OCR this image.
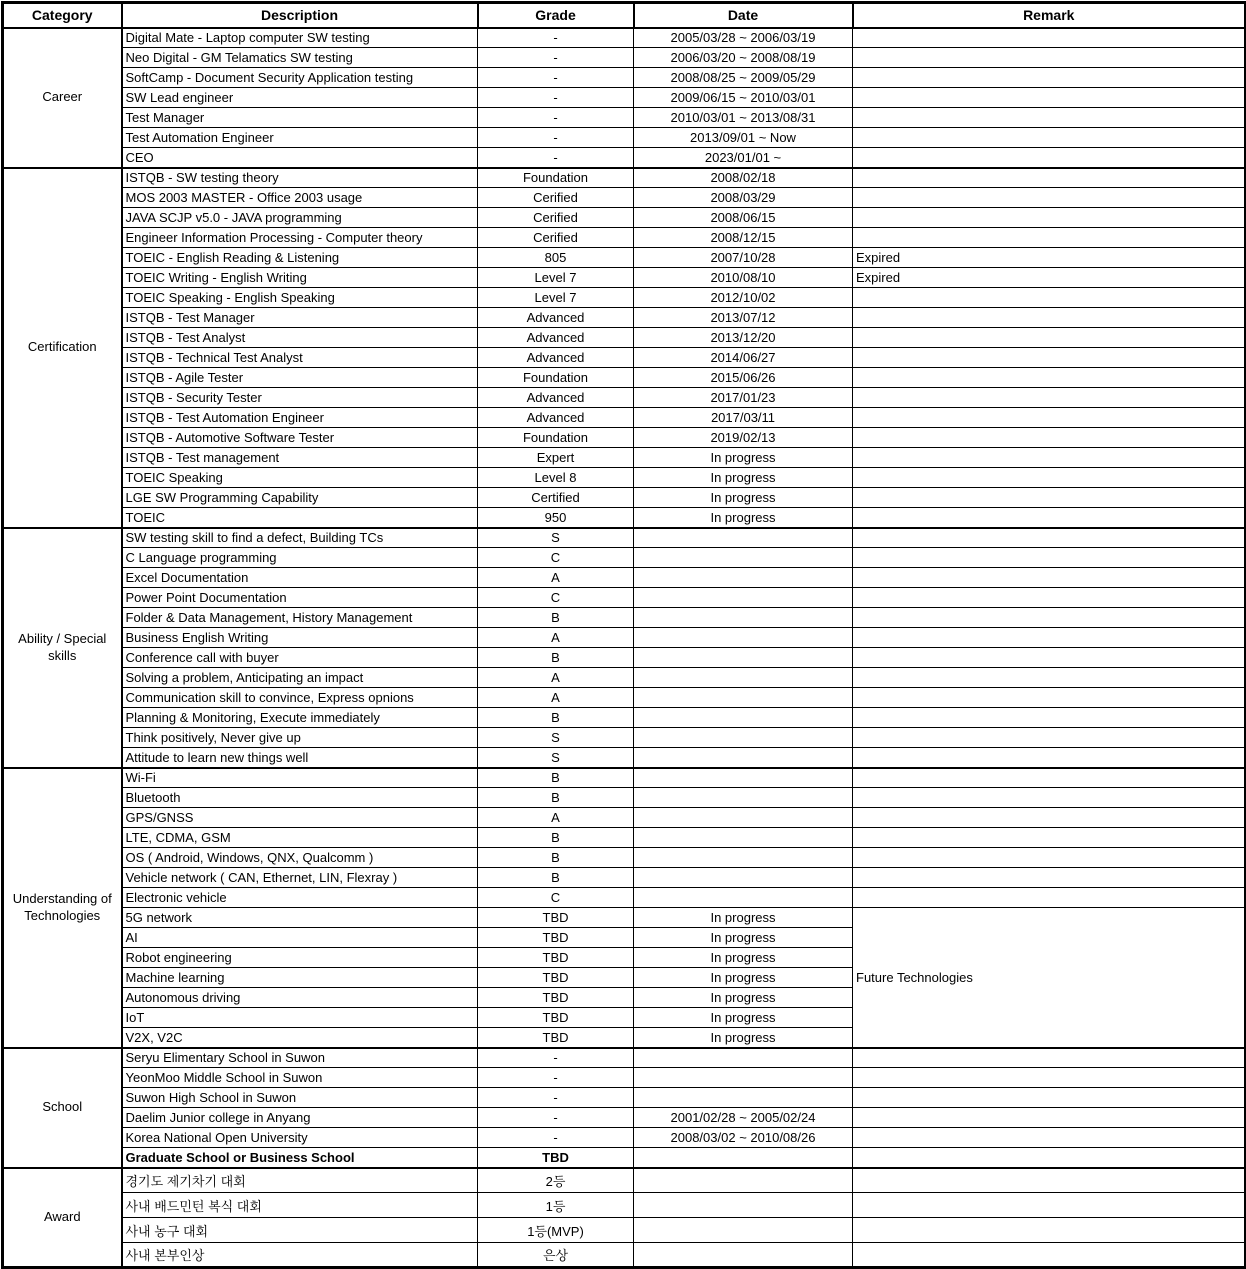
Category	Description	Grade	Date	Remark
Career	Digital Mate - Laptop computer SW testing	-	2005/03/28 ~ 2006/03/19	
	Neo Digital - GM Telamatics SW testing	-	2006/03/20 ~ 2008/08/19	
	SoftCamp - Document Security Application testing	-	2008/08/25 ~ 2009/05/29	
	SW Lead engineer	-	2009/06/15 ~ 2010/03/01	
	Test Manager	-	2010/03/01 ~ 2013/08/31	
	Test Automation Engineer	-	2013/09/01 ~ Now	
	CEO	-	2023/01/01 ~	
Certification	ISTQB - SW testing theory	Foundation	2008/02/18	
	MOS 2003 MASTER - Office 2003 usage	Cerified	2008/03/29	
	JAVA SCJP v5.0 - JAVA programming	Cerified	2008/06/15	
	Engineer Information Processing - Computer theory	Cerified	2008/12/15	
	TOEIC - English Reading & Listening	805	2007/10/28	Expired
	TOEIC Writing - English Writing	Level 7	2010/08/10	Expired
	TOEIC Speaking - English Speaking	Level 7	2012/10/02	
	ISTQB - Test Manager	Advanced	2013/07/12	
	ISTQB - Test Analyst	Advanced	2013/12/20	
	ISTQB - Technical Test Analyst	Advanced	2014/06/27	
	ISTQB - Agile Tester	Foundation	2015/06/26	
	ISTQB - Security Tester	Advanced	2017/01/23	
	ISTQB - Test Automation Engineer	Advanced	2017/03/11	
	ISTQB - Automotive Software Tester	Foundation	2019/02/13	
	ISTQB - Test management	Expert	In progress	
	TOEIC Speaking	Level 8	In progress	
	LGE SW Programming Capability	Certified	In progress	
	TOEIC	950	In progress	
Ability / Special skills	SW testing skill to find a defect, Building TCs	S		
	C Language programming	C		
	Excel Documentation	A		
	Power Point Documentation	C		
	Folder & Data Management, History Management	B		
	Business English Writing	A		
	Conference call with buyer	B		
	Solving a problem, Anticipating an impact	A		
	Communication skill to convince, Express opnions	A		
	Planning & Monitoring, Execute immediately	B		
	Think positively, Never give up	S		
	Attitude to learn new things well	S		
Understanding of Technologies	Wi-Fi	B		
	Bluetooth	B		
	GPS/GNSS	A		
	LTE, CDMA, GSM	B		
	OS ( Android, Windows, QNX, Qualcomm )	B		
	Vehicle network ( CAN, Ethernet, LIN, Flexray )	B		
	Electronic vehicle	C		
	5G network	TBD	In progress	Future Technologies
	AI	TBD	In progress	
	Robot engineering	TBD	In progress	
	Machine learning	TBD	In progress	
	Autonomous driving	TBD	In progress	
	IoT	TBD	In progress	
	V2X, V2C	TBD	In progress	
School	Seryu Elimentary School in Suwon	-		
	YeonMoo Middle School in Suwon	-		
	Suwon High School in Suwon	-		
	Daelim Junior college in Anyang	-	2001/02/28 ~ 2005/02/24	
	Korea National Open University	-	2008/03/02 ~ 2010/08/26	
	Graduate School or Business School	TBD		
Award	경기도 제기차기 대회	2등		
	사내 배드민턴 복식 대회	1등		
	사내 농구 대회	1등(MVP)		
	사내 본부인상	은상		
